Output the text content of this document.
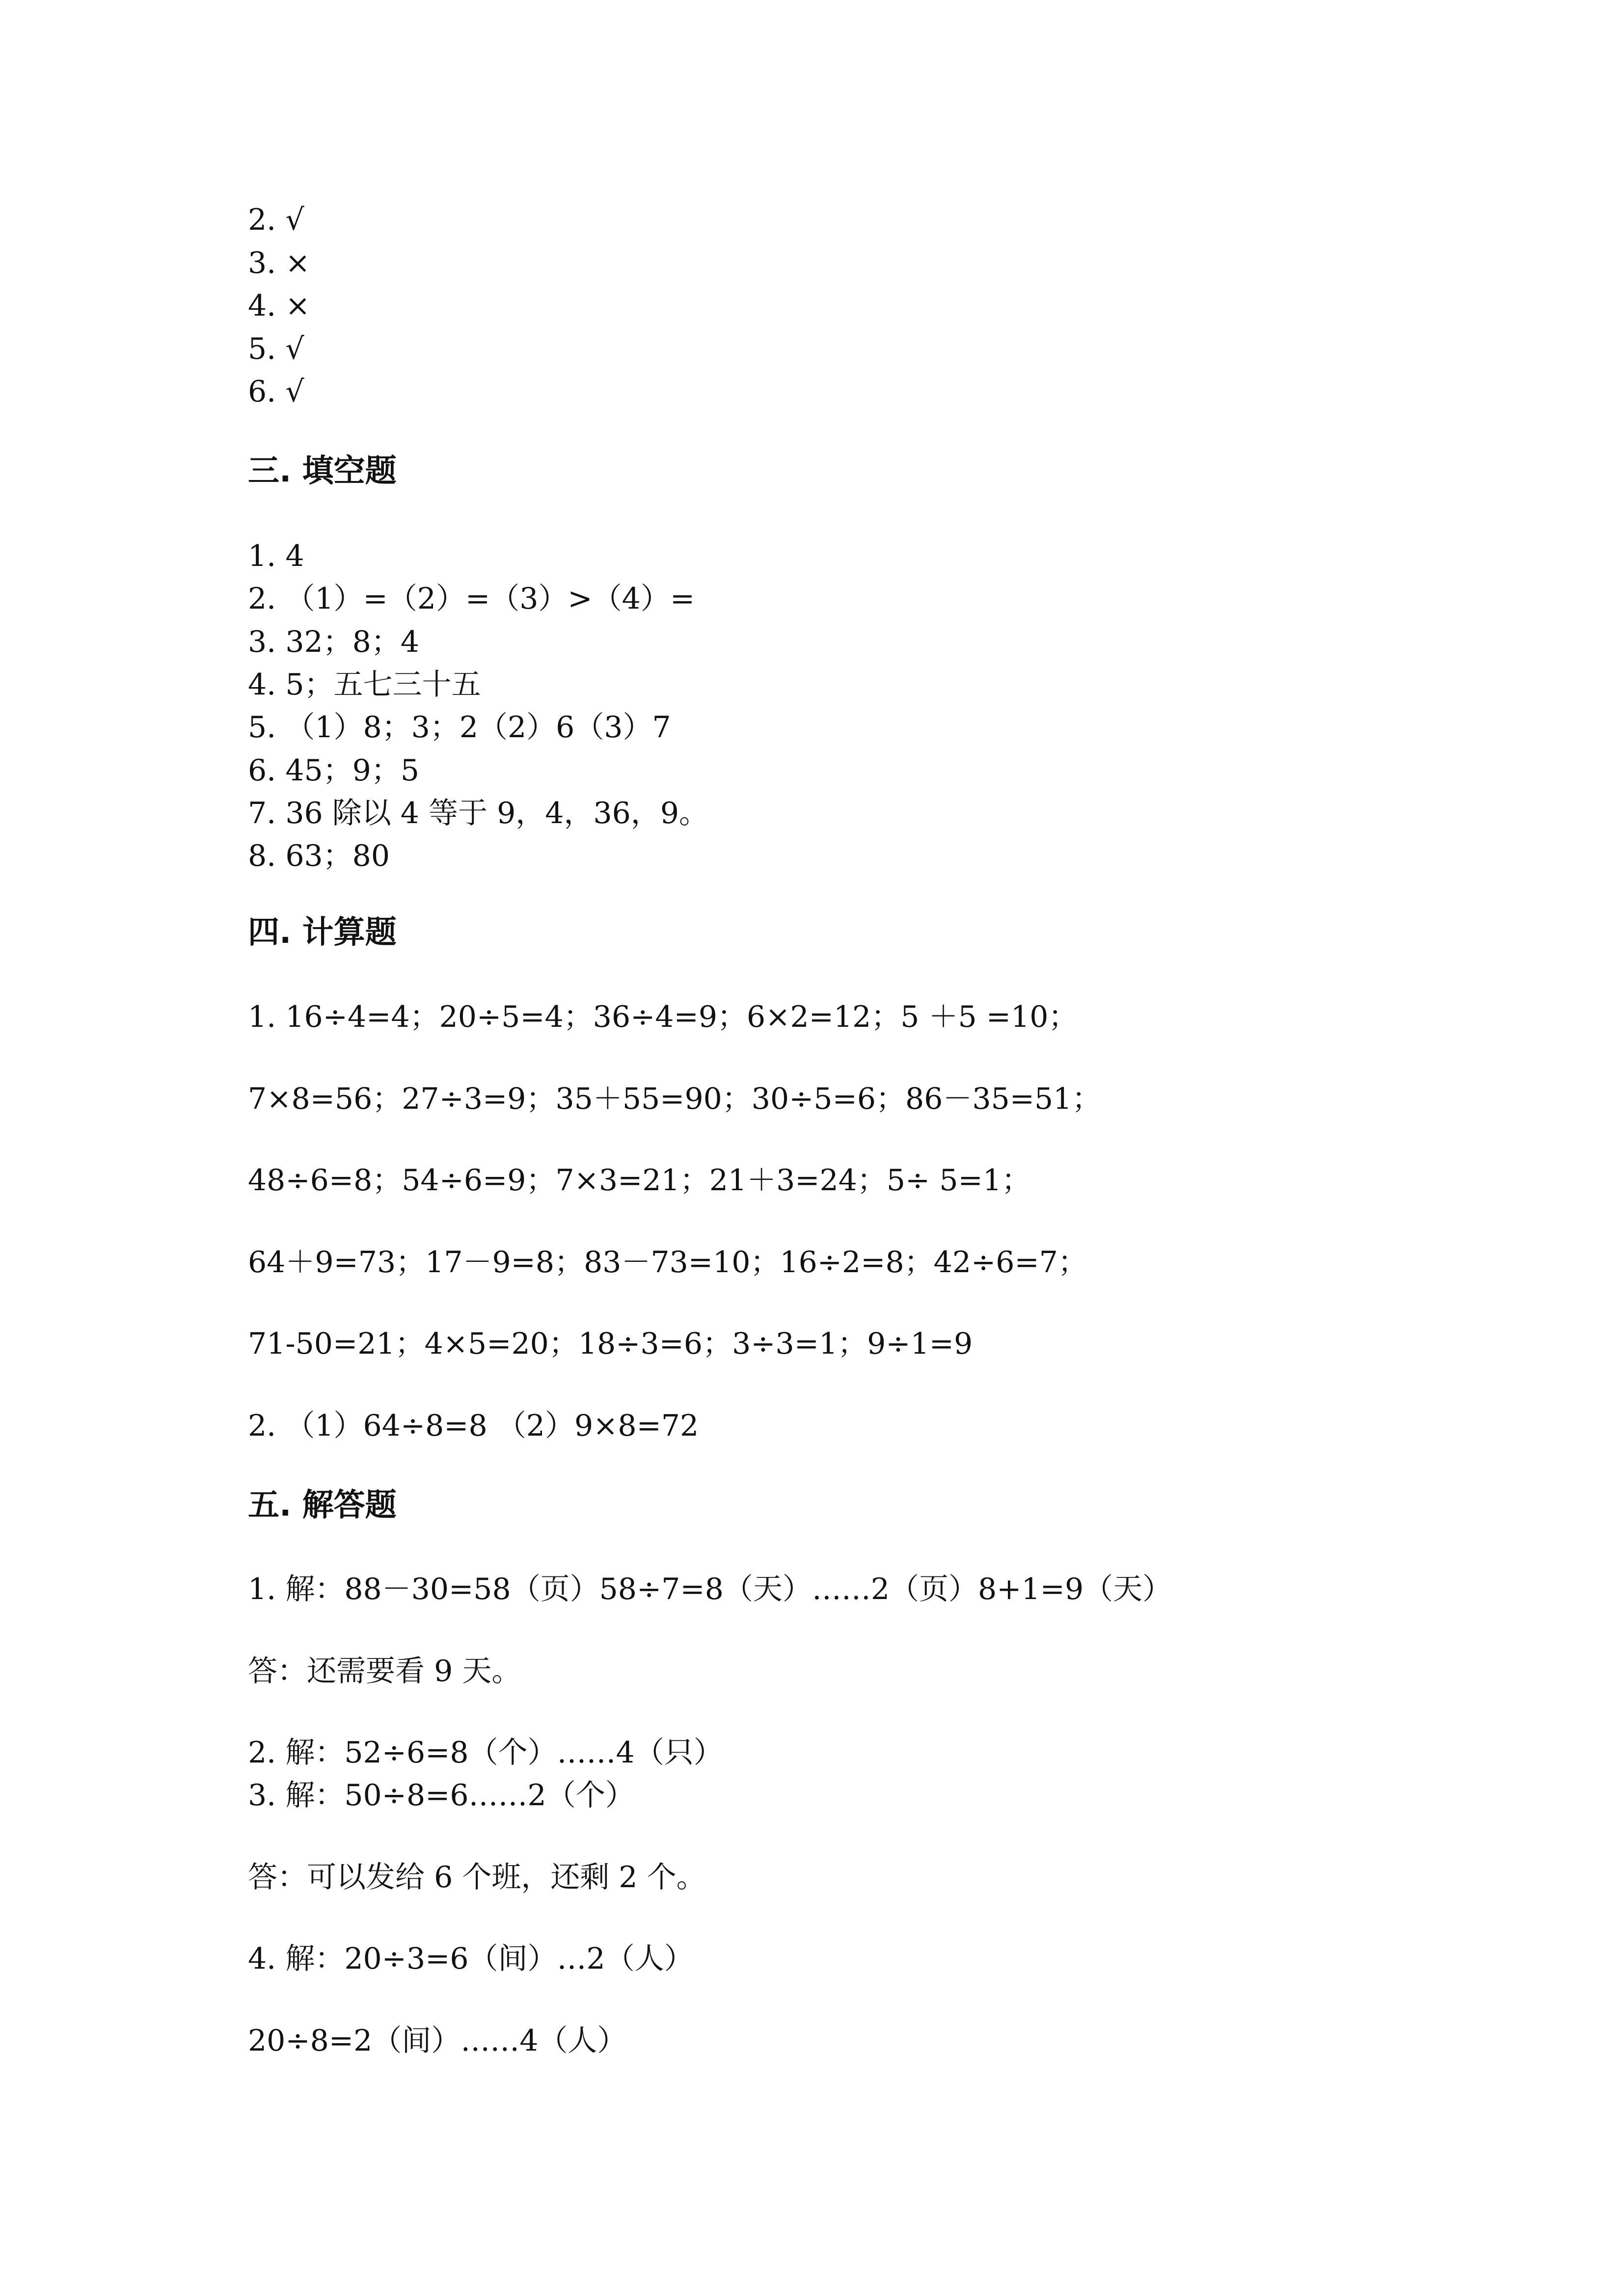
2. √
3. ×
4. ×
5. √
6. √
三. 填空题
1. 4
2. （1）=（2）=（3）>（4）=
3. 32；8；4
4. 5；五七三十五
5. （1）8；3；2（2）6（3）7
6. 45；9；5
7. 36 除以 4 等于 9，4，36，9。
8. 63；80
四. 计算题
1. 16÷4=4；20÷5=4；36÷4=9；6×2=12；5 ＋5 =10；
7×8=56；27÷3=9；35＋55=90；30÷5=6；86－35=51；
48÷6=8；54÷6=9；7×3=21；21＋3=24；5÷ 5=1；
64＋9=73；17－9=8；83－73=10；16÷2=8；42÷6=7；
71-50=21；4×5=20；18÷3=6；3÷3=1；9÷1=9
2. （1）64÷8=8 （2）9×8=72
五. 解答题
1. 解：88－30=58（页）58÷7=8（天）……2（页）8+1=9（天）
答：还需要看 9 天。
2. 解：52÷6=8（个）……4（只）
3. 解：50÷8=6……2（个）
答：可以发给 6 个班，还剩 2 个。
4. 解：20÷3=6（间）…2（人）
20÷8=2（间）……4（人）
